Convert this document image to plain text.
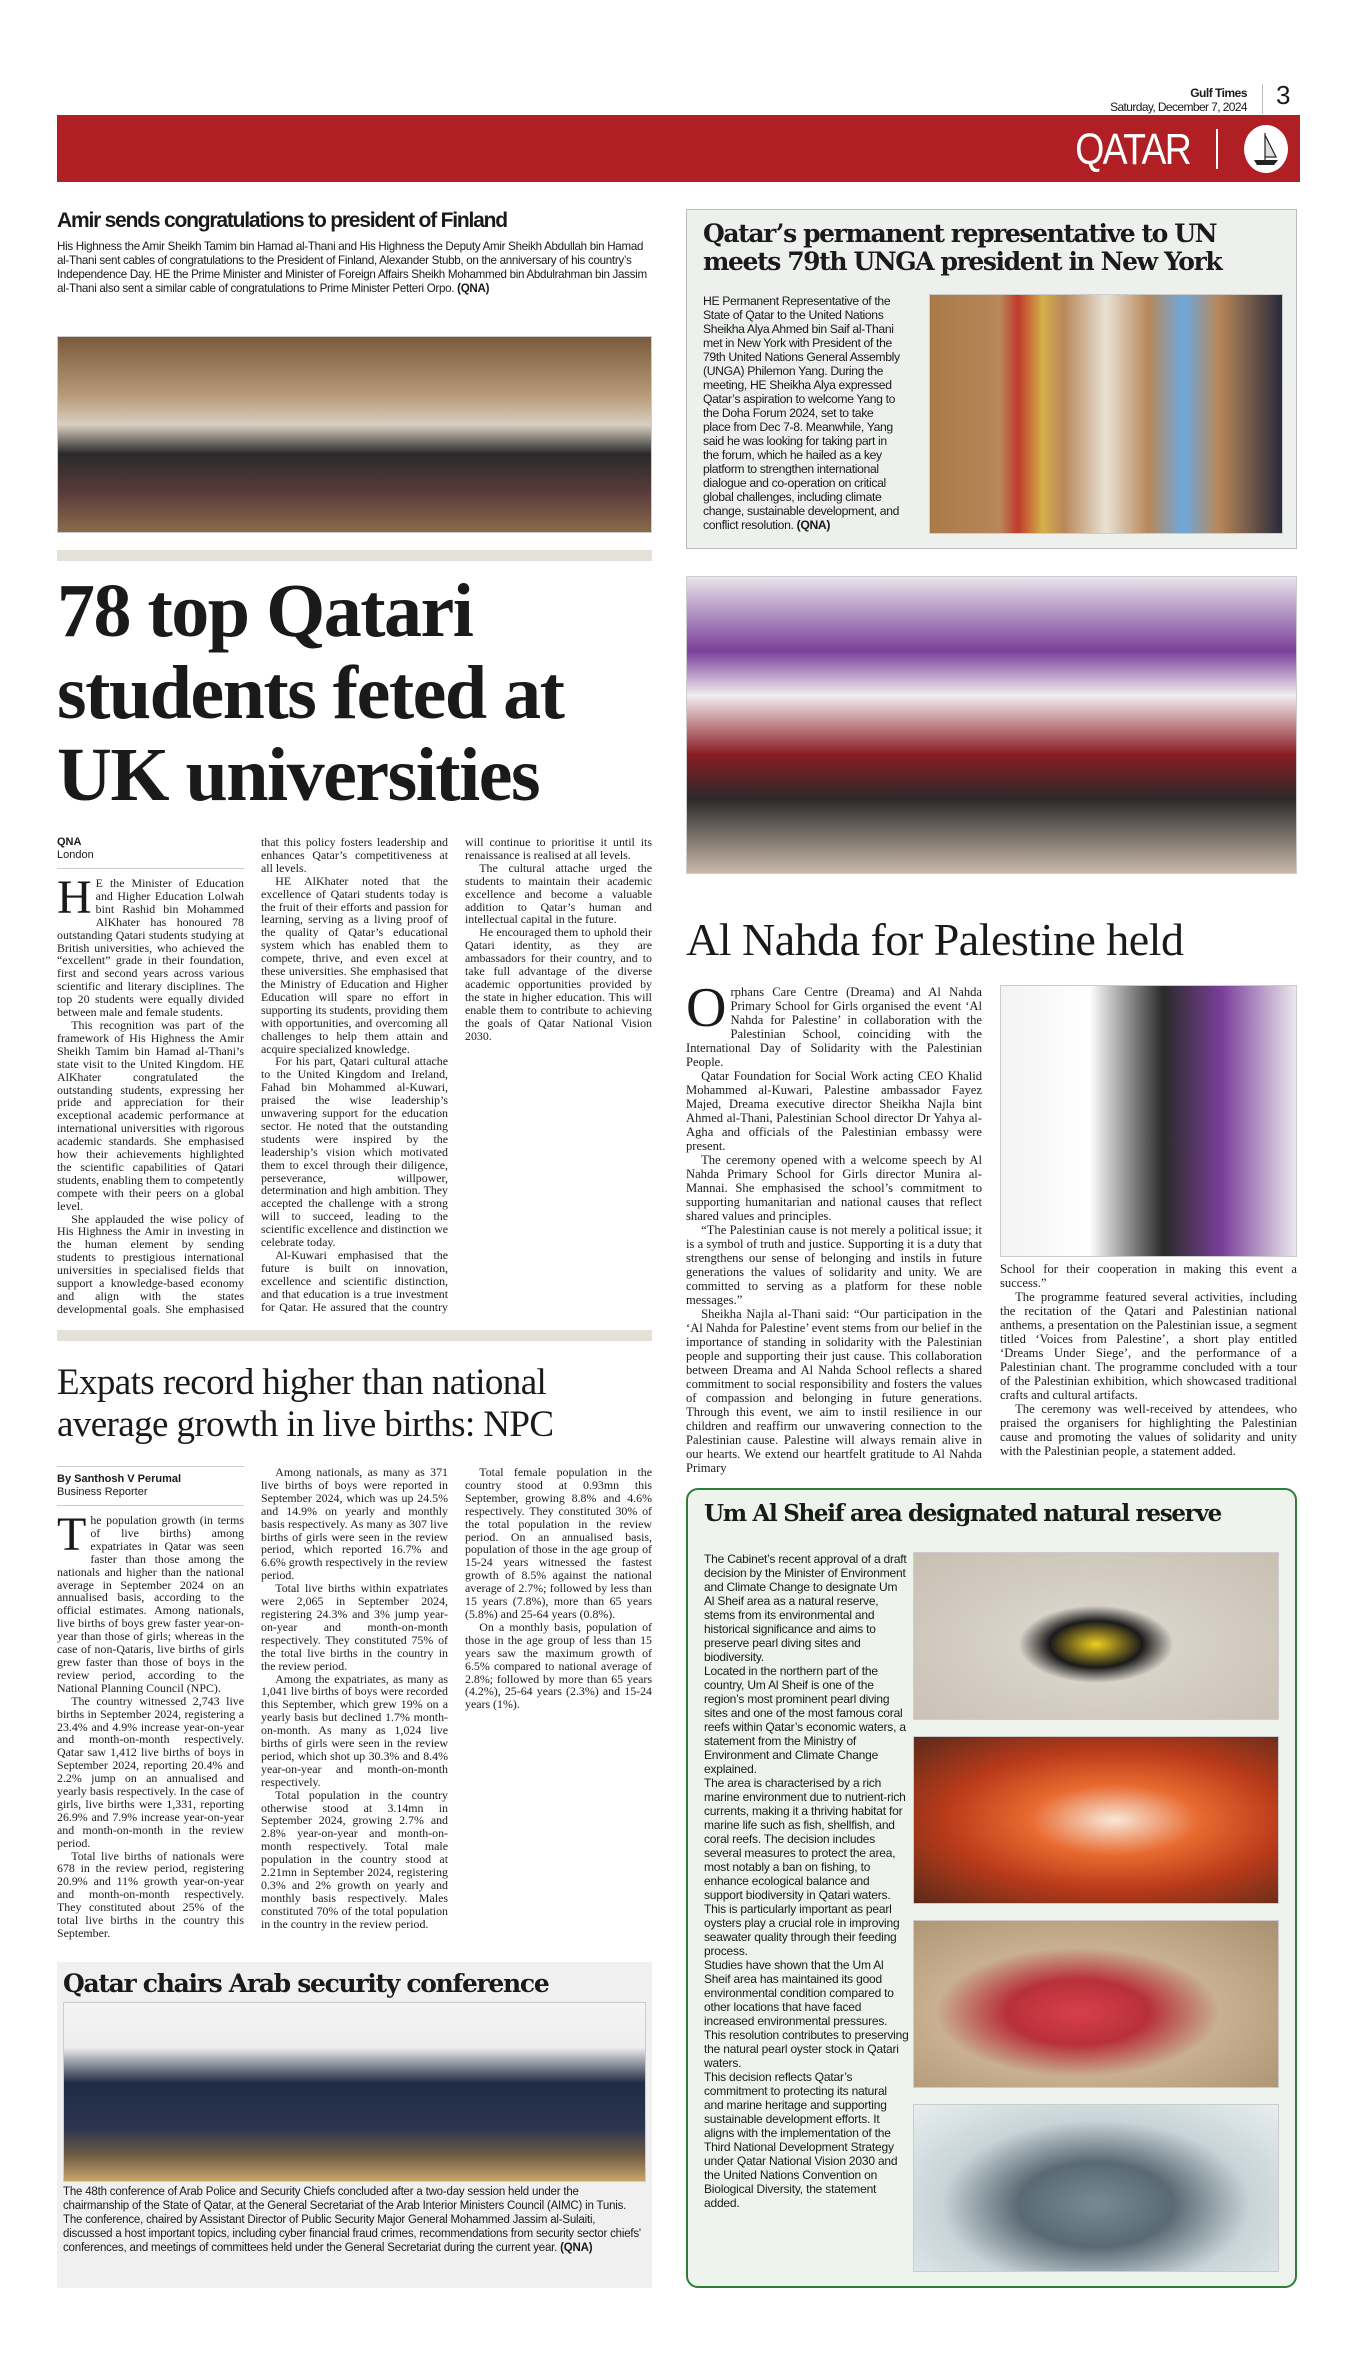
Gulf Times
Saturday, December 7, 2024 3
QATAR
Amir sends congratulations to president of Finland

His Highness the Amir Sheikh Tamim bin Hamad al-Thani and His Highness the Deputy Amir Sheikh Abdullah bin Hamad al-Thani sent cables of congratulations to the President of Finland, Alexander Stubb, on the anniversary of his country’s Independence Day. HE the Prime Minister and Minister of Foreign Affairs Sheikh Mohammed bin Abdulrahman bin Jassim al-Thani also sent a similar cable of congratulations to Prime Minister Petteri Orpo. (QNA)

78 top Qatari students feted at UK universities
QNA
London

H E the Minister of Education and Higher Education Lolwah bint Rashid bin Mohammed AlKhater has honoured 78 outstanding Qatari students studying at British universities, who achieved the “excellent” grade in their foundation, first and second years across various scientific and literary disciplines. The top 20 students were equally divided between male and female students.

This recognition was part of the framework of His Highness the Amir Sheikh Tamim bin Hamad al-Thani’s state visit to the United Kingdom. HE AlKhater congratulated the outstanding students, expressing her pride and appreciation for their exceptional academic performance at international universities with rigorous academic standards. She emphasised how their achievements highlighted the scientific capabilities of Qatari students, enabling them to competently compete with their peers on a global level.

She applauded the wise policy of His Highness the Amir in investing in the human element by sending students to prestigious international universities in specialised fields that support a knowledge-based economy and align with the states developmental goals. She emphasised that this policy fosters leadership and enhances Qatar’s competitiveness at all levels.

HE AlKhater noted that the excellence of Qatari students today is the fruit of their efforts and passion for learning, serving as a living proof of the quality of Qatar’s educational system which has enabled them to compete, thrive, and even excel at these universities. She emphasised that the Ministry of Education and Higher Education will spare no effort in supporting its students, providing them with opportunities, and overcoming all challenges to help them attain and acquire specialized knowledge.

For his part, Qatari cultural attache to the United Kingdom and Ireland, Fahad bin Mohammed al-Kuwari, praised the wise leadership’s unwavering support for the education sector. He noted that the outstanding students were inspired by the leadership’s vision which motivated them to excel through their diligence, perseverance, willpower, determination and high ambition. They accepted the challenge with a strong will to succeed, leading to the scientific excellence and distinction we celebrate today.

Al-Kuwari emphasised that the future is built on innovation, excellence and scientific distinction, and that education is a true investment for Qatar. He assured that the country will continue to prioritise it until its renaissance is realised at all levels.

The cultural attache urged the students to maintain their academic excellence and become a valuable addition to Qatar’s human and intellectual capital in the future.

He encouraged them to uphold their Qatari identity, as they are ambassadors for their country, and to take full advantage of the diverse academic opportunities provided by the state in higher education. This will enable them to contribute to achieving the goals of Qatar National Vision 2030.

Expats record higher than national average growth in live births: NPC
By Santhosh V Perumal
Business Reporter

The population growth (in terms of live births) among expatriates in Qatar was seen faster than those among the nationals and higher than the national average in September 2024 on an annualised basis, according to the official estimates. Among nationals, live births of boys grew faster year-on-year than those of girls; whereas in the case of non-Qataris, live births of girls grew faster than those of boys in the review period, according to the National Planning Council (NPC).

The country witnessed 2,743 live births in September 2024, registering a 23.4% and 4.9% increase year-on-year and month-on-month respectively. Qatar saw 1,412 live births of boys in September 2024, reporting 20.4% and 2.2% jump on an annualised and yearly basis respectively. In the case of girls, live births were 1,331, reporting 26.9% and 7.9% increase year-on-year and month-on-month in the review period.

Total live births of nationals were 678 in the review period, registering 20.9% and 11% growth year-on-year and month-on-month respectively. They constituted about 25% of the total live births in the country this September.

Among nationals, as many as 371 live births of boys were reported in September 2024, which was up 24.5% and 14.9% on yearly and monthly basis respectively. As many as 307 live births of girls were seen in the review period, which reported 16.7% and 6.6% growth respectively in the review period.

Total live births within expatriates were 2,065 in September 2024, registering 24.3% and 3% jump year-on-year and month-on-month respectively. They constituted 75% of the total live births in the country in the review period.

Among the expatriates, as many as 1,041 live births of boys were recorded this September, which grew 19% on a yearly basis but declined 1.7% month-on-month. As many as 1,024 live births of girls were seen in the review period, which shot up 30.3% and 8.4% year-on-year and month-on-month respectively.

Total population in the country otherwise stood at 3.14mn in September 2024, growing 2.7% and 2.8% year-on-year and month-on-month respectively. Total male population in the country stood at 2.21mn in September 2024, registering 0.3% and 2% growth on yearly and monthly basis respectively. Males constituted 70% of the total population in the country in the review period.

Total female population in the country stood at 0.93mn this September, growing 8.8% and 4.6% respectively. They constituted 30% of the total population in the review period. On an annualised basis, population of those in the age group of 15-24 years witnessed the fastest growth of 8.5% against the national average of 2.7%; followed by less than 15 years (7.8%), more than 65 years (5.8%) and 25-64 years (0.8%).

On a monthly basis, population of those in the age group of less than 15 years saw the maximum growth of 6.5% compared to national average of 2.8%; followed by more than 65 years (4.2%), 25-64 years (2.3%) and 15-24 years (1%).

Qatar chairs Arab security conference

The 48th conference of Arab Police and Security Chiefs concluded after a two-day session held under the chairmanship of the State of Qatar, at the General Secretariat of the Arab Interior Ministers Council (AIMC) in Tunis. The conference, chaired by Assistant Director of Public Security Major General Mohammed Jassim al-Sulaiti, discussed a host important topics, including cyber financial fraud crimes, recommendations from security sector chiefs' conferences, and meetings of committees held under the General Secretariat during the current year. (QNA)

Qatar’s permanent representative to UN meets 79th UNGA president in New York

HE Permanent Representative of the State of Qatar to the United Nations Sheikha Alya Ahmed bin Saif al-Thani met in New York with President of the 79th United Nations General Assembly (UNGA) Philemon Yang. During the meeting, HE Sheikha Alya expressed Qatar’s aspiration to welcome Yang to the Doha Forum 2024, set to take place from Dec 7-8. Meanwhile, Yang said he was looking for taking part in the forum, which he hailed as a key platform to strengthen international dialogue and co-operation on critical global challenges, including climate change, sustainable development, and conflict resolution. (QNA)

Al Nahda for Palestine held

Orphans Care Centre (Dreama) and Al Nahda Primary School for Girls organised the event ‘Al Nahda for Palestine’ in collaboration with the Palestinian School, coinciding with the International Day of Solidarity with the Palestinian People.

Qatar Foundation for Social Work acting CEO Khalid Mohammed al-Kuwari, Palestine ambassador Fayez Majed, Dreama executive director Sheikha Najla bint Ahmed al-Thani, Palestinian School director Dr Yahya al-Agha and officials of the Palestinian embassy were present.

The ceremony opened with a welcome speech by Al Nahda Primary School for Girls director Munira al-Mannai. She emphasised the school’s commitment to supporting humanitarian and national causes that reflect shared values and principles.

“The Palestinian cause is not merely a political issue; it is a symbol of truth and justice. Supporting it is a duty that strengthens our sense of belonging and instils in future generations the values of solidarity and unity. We are committed to serving as a platform for these noble messages.”

Sheikha Najla al-Thani said: “Our participation in the ‘Al Nahda for Palestine’ event stems from our belief in the importance of standing in solidarity with the Palestinian people and supporting their just cause. This collaboration between Dreama and Al Nahda School reflects a shared commitment to social responsibility and fosters the values of compassion and belonging in future generations. Through this event, we aim to instil resilience in our children and reaffirm our unwavering connection to the Palestinian cause. Palestine will always remain alive in our hearts. We extend our heartfelt gratitude to Al Nahda Primary

School for their cooperation in making this event a success.”

The programme featured several activities, including the recitation of the Qatari and Palestinian national anthems, a presentation on the Palestinian issue, a segment titled ‘Voices from Palestine’, a short play entitled ‘Dreams Under Siege’, and the performance of a Palestinian chant. The programme concluded with a tour of the Palestinian exhibition, which showcased traditional crafts and cultural artifacts.

The ceremony was well-received by attendees, who praised the organisers for highlighting the Palestinian cause and promoting the values of solidarity and unity with the Palestinian people, a statement added.

Um Al Sheif area designated natural reserve

The Cabinet’s recent approval of a draft decision by the Minister of Environment and Climate Change to designate Um Al Sheif area as a natural reserve, stems from its environmental and historical significance and aims to preserve pearl diving sites and biodiversity.

Located in the northern part of the country, Um Al Sheif is one of the region’s most prominent pearl diving sites and one of the most famous coral reefs within Qatar’s economic waters, a statement from the Ministry of Environment and Climate Change explained.

The area is characterised by a rich marine environment due to nutrient-rich currents, making it a thriving habitat for marine life such as fish, shellfish, and coral reefs. The decision includes several measures to protect the area, most notably a ban on fishing, to enhance ecological balance and support biodiversity in Qatari waters. This is particularly important as pearl oysters play a crucial role in improving seawater quality through their feeding process.

Studies have shown that the Um Al Sheif area has maintained its good environmental condition compared to other locations that have faced increased environmental pressures.

This resolution contributes to preserving the natural pearl oyster stock in Qatari waters.

This decision reflects Qatar’s commitment to protecting its natural and marine heritage and supporting sustainable development efforts. It aligns with the implementation of the Third National Development Strategy under Qatar National Vision 2030 and the United Nations Convention on Biological Diversity, the statement added.
